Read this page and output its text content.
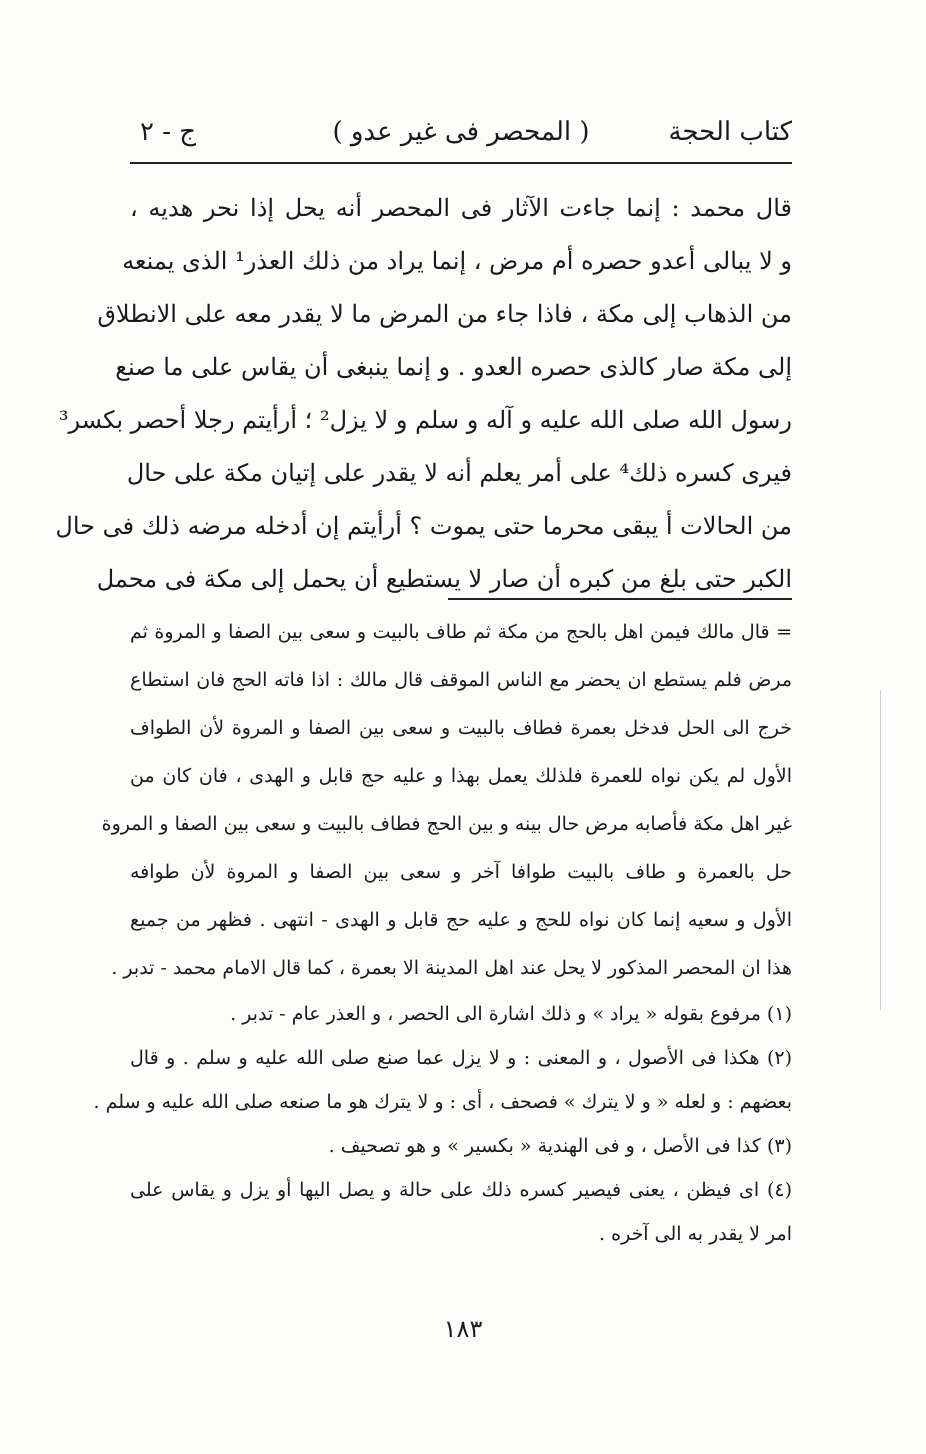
كتاب الحجة
( المحصر فى غير عدو )
ج - ٢
قال محمد : إنما جاءت الآثار فى المحصر أنه يحل إذا نحر هديه ،
و لا يبالى أعدو حصره أم مرض ، إنما يراد من ذلك العذر¹ الذى يمنعه
من الذهاب إلى مكة ، فاذا جاء من المرض ما لا يقدر معه على الانطلاق
إلى مكة صار كالذى حصره العدو . و إنما ينبغى أن يقاس على ما صنع
رسول الله صلى الله عليه و آله و سلم و لا يزل² ؛ أرأيتم رجلا أحصر بكسر³
فيرى كسره ذلك⁴ على أمر يعلم أنه لا يقدر على إتيان مكة على حال
من الحالات أ يبقى محرما حتى يموت ؟ أرأيتم إن أدخله مرضه ذلك فى حال
الكبر حتى بلغ من كبره أن صار لا يستطيع أن يحمل إلى مكة فى محمل
= قال مالك فيمن اهل بالحج من مكة ثم طاف بالبيت و سعى بين الصفا و المروة ثم
مرض فلم يستطع ان يحضر مع الناس الموقف قال مالك : اذا فاته الحج فان استطاع
خرج الى الحل فدخل بعمرة فطاف بالبيت و سعى بين الصفا و المروة لأن الطواف
الأول لم يكن نواه للعمرة فلذلك يعمل بهذا و عليه حج قابل و الهدى ، فان كان من
غير اهل مكة فأصابه مرض حال بينه و بين الحج فطاف بالبيت و سعى بين الصفا و المروة
حل بالعمرة و طاف بالبيت طوافا آخر و سعى بين الصفا و المروة لأن طوافه
الأول و سعيه إنما كان نواه للحج و عليه حج قابل و الهدى - انتهى . فظهر من جميع
هذا ان المحصر المذكور لا يحل عند اهل المدينة الا بعمرة ، كما قال الامام محمد - تدبر .
(١) مرفوع بقوله « يراد » و ذلك اشارة الى الحصر ، و العذر عام - تدبر .
(٢) هكذا فى الأصول ، و المعنى : و لا يزل عما صنع صلى الله عليه و سلم . و قال
بعضهم : و لعله « و لا يترك » فصحف ، أى : و لا يترك هو ما صنعه صلى الله عليه و سلم .
(٣) كذا فى الأصل ، و فى الهندية « بكسير » و هو تصحيف .
(٤) اى فيظن ، يعنى فيصير كسره ذلك على حالة و يصل اليها أو يزل و يقاس على
امر لا يقدر به الى آخره .
١٨٣
